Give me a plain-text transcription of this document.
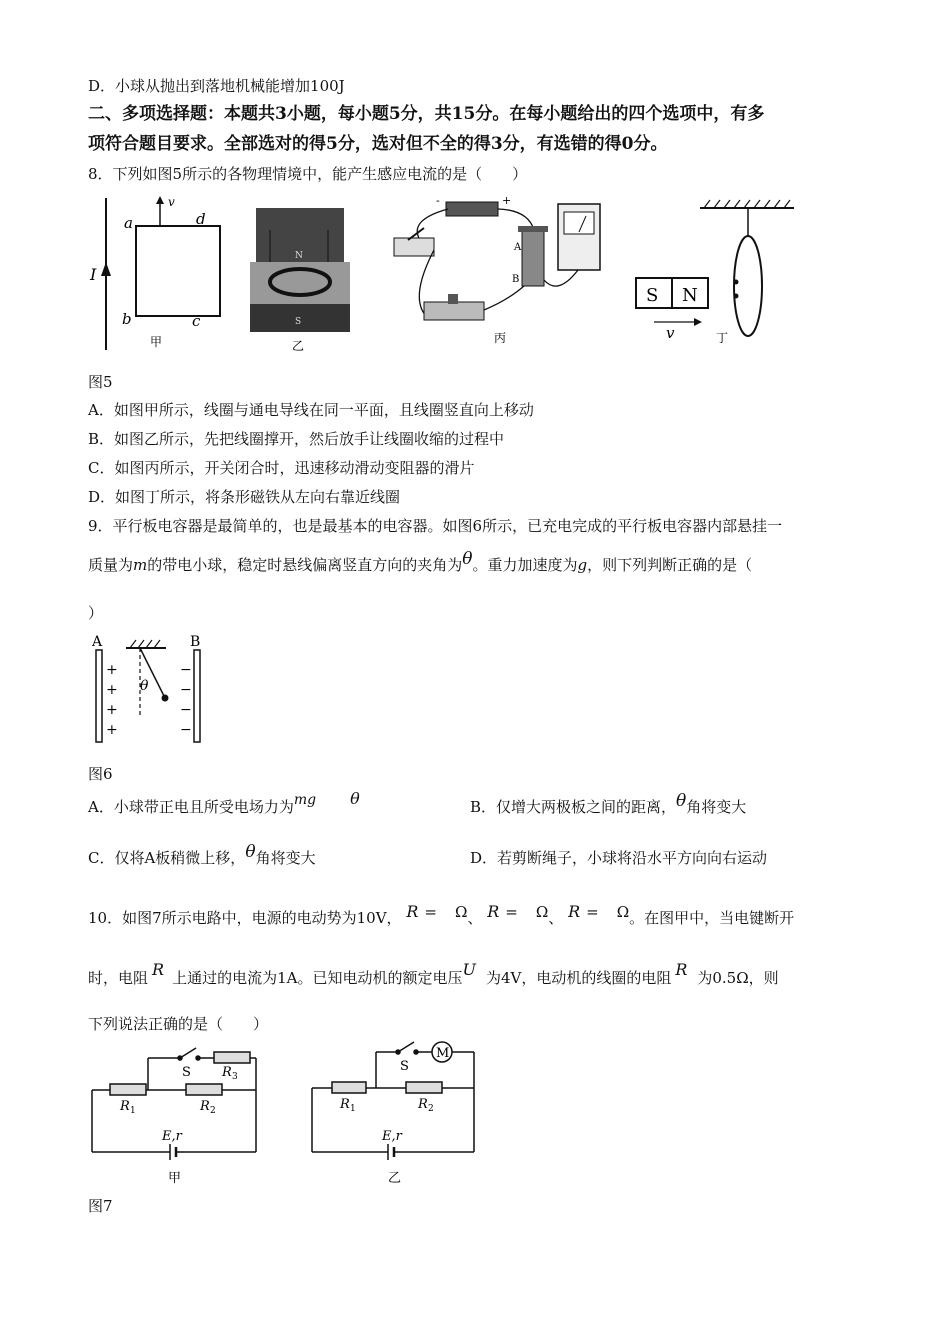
D．小球从抛出到落地机械能增加100J
二、多项选择题：本题共3小题，每小题5分，共15分。在每小题给出的四个选项中，有多
项符合题目要求。全部选对的得5分，选对但不全的得3分，有选错的得0分。
8．下列如图5所示的各物理情境中，能产生感应电流的是（　　）
I
v
a	d
b	c
甲
N
S
乙
-	+
A
B
丙
S N
v	丁
图5
A．如图甲所示，线圈与通电导线在同一平面，且线圈竖直向上移动
B．如图乙所示，先把线圈撑开，然后放手让线圈收缩的过程中
C．如图丙所示，开关闭合时，迅速移动滑动变阻器的滑片
D．如图丁所示，将条形磁铁从左向右靠近线圈
9．平行板电容器是最简单的，也是最基本的电容器。如图6所示，已充电完成的平行板电容器内部悬挂一
质量为m的带电小球，稳定时悬线偏离竖直方向的夹角为θ。重力加速度为g，则下列判断正确的是（
）
A	B
+
+
+
+
−
−
−
−
θ
图6
A．小球带正电且所受电场力为mg θ	B．仅增大两极板之间的距离，θ角将变大
C．仅将A板稍微上移，θ角将变大	D．若剪断绳子，小球将沿水平方向向右运动
10．如图7所示电路中，电源的电动势为10V， R = Ω、 R = Ω、 R = Ω。在图甲中，当电键断开
时，电阻 R 上通过的电流为1A。已知电动机的额定电压U 为4V，电动机的线圈的电阻 R 为0.5Ω，则
下列说法正确的是（　　）
S R 3
R 1	R 2
E,r
甲
M
S
R 1	R 2
E,r
乙
图7
